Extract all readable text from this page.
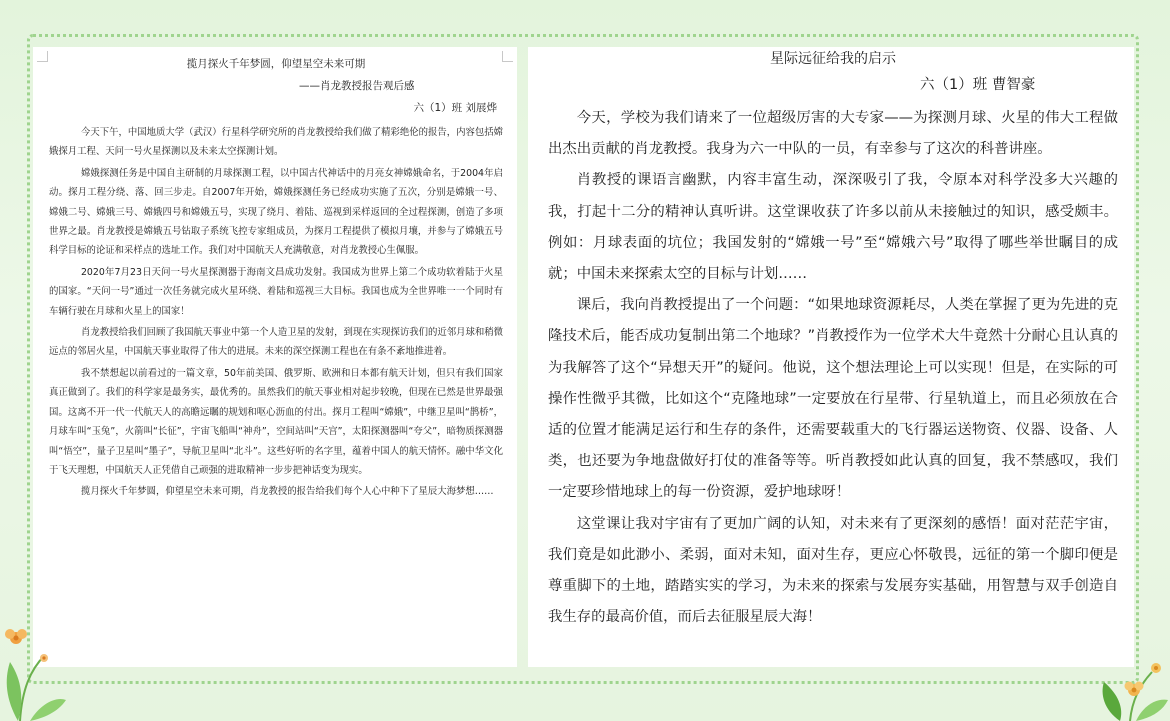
揽月探火千年梦圆，仰望星空未来可期
——肖龙教授报告观后感
六（1）班 刘展烨

今天下午，中国地质大学（武汉）行星科学研究所的肖龙教授给我们做了精彩绝伦的报告，内容包括嫦娥探月工程、天问一号火星探测以及未来太空探测计划。

嫦娥探测任务是中国自主研制的月球探测工程，以中国古代神话中的月亮女神嫦娥命名，于2004年启动。探月工程分绕、落、回三步走。自2007年开始，嫦娥探测任务已经成功实施了五次，分别是嫦娥一号、嫦娥二号、嫦娥三号、嫦娥四号和嫦娥五号，实现了绕月、着陆、巡视到采样返回的全过程探测，创造了多项世界之最。肖龙教授是嫦娥五号钻取子系统飞控专家组成员，为探月工程提供了模拟月壤，并参与了嫦娥五号科学目标的论证和采样点的选址工作。我们对中国航天人充满敬意，对肖龙教授心生佩服。

2020年7月23日天问一号火星探测器于海南文昌成功发射。我国成为世界上第二个成功软着陆于火星的国家。“天问一号”通过一次任务就完成火星环绕、着陆和巡视三大目标。我国也成为全世界唯一一个同时有车辆行驶在月球和火星上的国家！

肖龙教授给我们回顾了我国航天事业中第一个人造卫星的发射，到现在实现探访我们的近邻月球和稍微远点的邻居火星，中国航天事业取得了伟大的进展。未来的深空探测工程也在有条不紊地推进着。

我不禁想起以前看过的一篇文章，50年前美国、俄罗斯、欧洲和日本都有航天计划，但只有我们国家真正做到了。我们的科学家是最务实，最优秀的。虽然我们的航天事业相对起步较晚，但现在已然是世界最强国。这离不开一代一代航天人的高瞻远瞩的规划和呕心沥血的付出。探月工程叫“嫦娥”，中继卫星叫“鹊桥”，月球车叫“玉兔”，火箭叫“长征”，宇宙飞船叫“神舟”，空间站叫“天宫”，太阳探测器叫“夸父”，暗物质探测器叫“悟空”，量子卫星叫“墨子”，导航卫星叫“北斗”。这些好听的名字里，蕴着中国人的航天情怀。融中华文化于飞天理想，中国航天人正凭借自己顽强的进取精神一步步把神话变为现实。

揽月探火千年梦圆，仰望星空未来可期，肖龙教授的报告给我们每个人心中种下了星辰大海梦想……

星际远征给我的启示
六（1）班 曹智豪

今天，学校为我们请来了一位超级厉害的大专家——为探测月球、火星的伟大工程做出杰出贡献的肖龙教授。我身为六一中队的一员，有幸参与了这次的科普讲座。

肖教授的课语言幽默，内容丰富生动，深深吸引了我，令原本对科学没多大兴趣的我，打起十二分的精神认真听讲。这堂课收获了许多以前从未接触过的知识，感受颇丰。例如：月球表面的坑位；我国发射的“嫦娥一号”至“嫦娥六号”取得了哪些举世瞩目的成就；中国未来探索太空的目标与计划……

课后，我向肖教授提出了一个问题：“如果地球资源耗尽，人类在掌握了更为先进的克隆技术后，能否成功复制出第二个地球？”肖教授作为一位学术大牛竟然十分耐心且认真的为我解答了这个“异想天开”的疑问。他说，这个想法理论上可以实现！但是，在实际的可操作性微乎其微，比如这个“克隆地球”一定要放在行星带、行星轨道上，而且必须放在合适的位置才能满足运行和生存的条件，还需要载重大的飞行器运送物资、仪器、设备、人类，也还要为争地盘做好打仗的准备等等。听肖教授如此认真的回复，我不禁感叹，我们一定要珍惜地球上的每一份资源，爱护地球呀！

这堂课让我对宇宙有了更加广阔的认知，对未来有了更深刻的感悟！面对茫茫宇宙，我们竟是如此渺小、柔弱，面对未知，面对生存，更应心怀敬畏，远征的第一个脚印便是尊重脚下的土地，踏踏实实的学习，为未来的探索与发展夯实基础，用智慧与双手创造自我生存的最高价值，而后去征服星辰大海！
